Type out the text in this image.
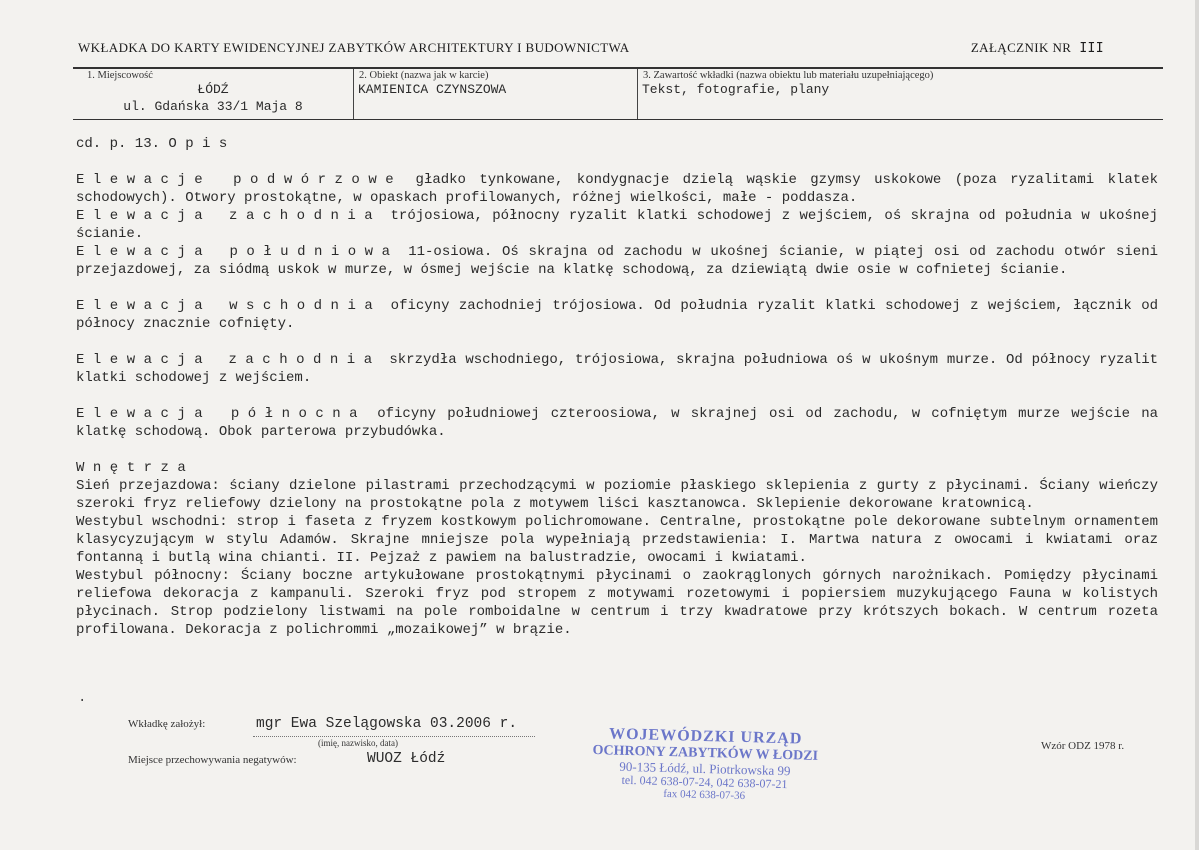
WKŁADKA DO KARTY EWIDENCYJNEJ ZABYTKÓW ARCHITEKTURY I BUDOWNICTWA	ZAŁĄCZNIK NR III
1. Miejscowość
ŁÓDŹ
ul. Gdańska 33/1 Maja 8
2. Obiekt (nazwa jak w karcie)
KAMIENICA CZYNSZOWA
3. Zawartość wkładki (nazwa obiektu lub materiału uzupełniającego)
Tekst, fotografie, plany

cd. p. 13. O p i s

Elewacje podwórzowe gładko tynkowane, kondygnacje dzielą wąskie gzymsy uskokowe (poza ryzalitami klatek schodowych). Otwory prostokątne, w opaskach profilowanych, różnej wielkości, małe - poddasza.

Elewacja zachodnia trójosiowa, północny ryzalit klatki schodowej z wejściem, oś skrajna od południa w ukośnej ścianie.

Elewacja południowa 11-osiowa. Oś skrajna od zachodu w ukośnej ścianie, w piątej osi od zachodu otwór sieni przejazdowej, za siódmą uskok w murze, w ósmej wejście na klatkę schodową, za dziewiątą dwie osie w cofnietej ścianie.

Elewacja wschodnia oficyny zachodniej trójosiowa. Od południa ryzalit klatki schodowej z wejściem, łącznik od północy znacznie cofnięty.

Elewacja zachodnia skrzydła wschodniego, trójosiowa, skrajna południowa oś w ukośnym murze. Od północy ryzalit klatki schodowej z wejściem.

Elewacja północna oficyny południowej czteroosiowa, w skrajnej osi od zachodu, w cofniętym murze wejście na klatkę schodową. Obok parterowa przybudówka.

Wnętrza

Sień przejazdowa: ściany dzielone pilastrami przechodzącymi w poziomie płaskiego sklepienia z gurty z płycinami. Ściany wieńczy szeroki fryz reliefowy dzielony na prostokątne pola z motywem liści kasztanowca. Sklepienie dekorowane kratownicą.

Westybul wschodni: strop i faseta z fryzem kostkowym polichromowane. Centralne, prostokątne pole dekorowane subtelnym ornamentem klasycyzującym w stylu Adamów. Skrajne mniejsze pola wypełniają przedstawienia: I. Martwa natura z owocami i kwiatami oraz fontanną i butlą wina chianti. II. Pejzaż z pawiem na balustradzie, owocami i kwiatami.

Westybul północny: Ściany boczne artykułowane prostokątnymi płycinami o zaokrąglonych górnych narożnikach. Pomiędzy płycinami reliefowa dekoracja z kampanuli. Szeroki fryz pod stropem z motywami rozetowymi i popiersiem muzykującego Fauna w kolistych płycinach. Strop podzielony listwami na pole romboidalne w centrum i trzy kwadratowe przy krótszych bokach. W centrum rozeta profilowana. Dekoracja z polichrommi „mozaikowej” w brązie.

.
Wkładkę założył:	mgr Ewa Szelągowska 03.2006 r.
(imię, nazwisko, data)
Miejsce przechowywania negatywów:	WUOZ Łódź
Wzór ODZ 1978 r.
WOJEWÓDZKI URZĄD
OCHRONY ZABYTKÓW W ŁODZI
90-135 Łódź, ul. Piotrkowska 99
tel. 042 638-07-24, 042 638-07-21
fax 042 638-07-36
